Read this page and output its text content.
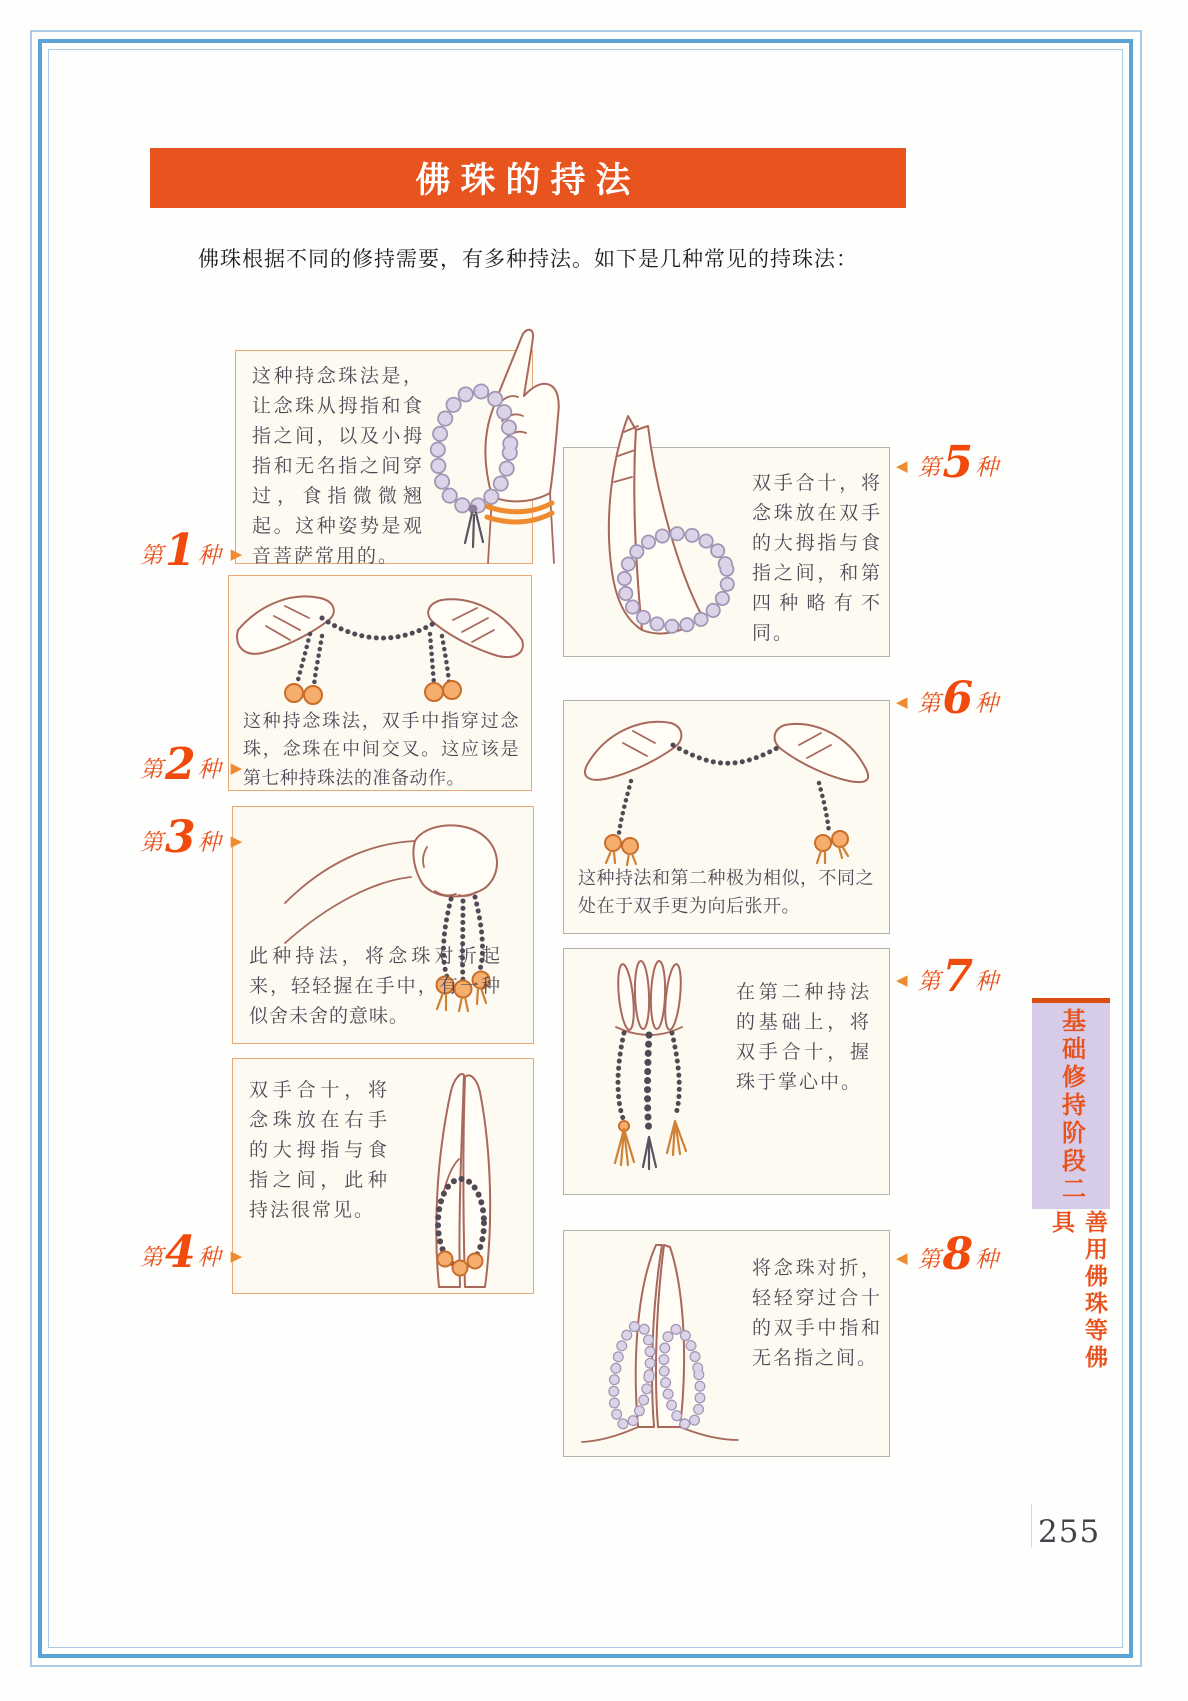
佛珠的持法
佛珠根据不同的修持需要，有多种持法。如下是几种常见的持珠法：
这种持念珠法是，让念珠从拇指和食指之间，以及小拇指和无名指之间穿过，食指微微翘起。这种姿势是观音菩萨常用的。
第 1 种 ▶
这种持念珠法，双手中指穿过念珠，念珠在中间交叉。这应该是第七种持珠法的准备动作。
第 2 种 ▶
此种持法，将念珠对折起来，轻轻握在手中，有一种似舍未舍的意味。
第 3 种 ▶
双手合十，将念珠放在右手的大拇指与食指之间，此种持法很常见。
第 4 种 ▶
双手合十，将念珠放在双手的大拇指与食指之间，和第四种略有不同。
◀ 第 5 种
这种持法和第二种极为相似，不同之处在于双手更为向后张开。
◀ 第 6 种
在第二种持法的基础上，将双手合十，握珠于掌心中。
◀ 第 7 种
将念珠对折，轻轻穿过合十的双手中指和无名指之间。
◀ 第 8 种
基础修持阶段二
善用佛珠等佛具
255
